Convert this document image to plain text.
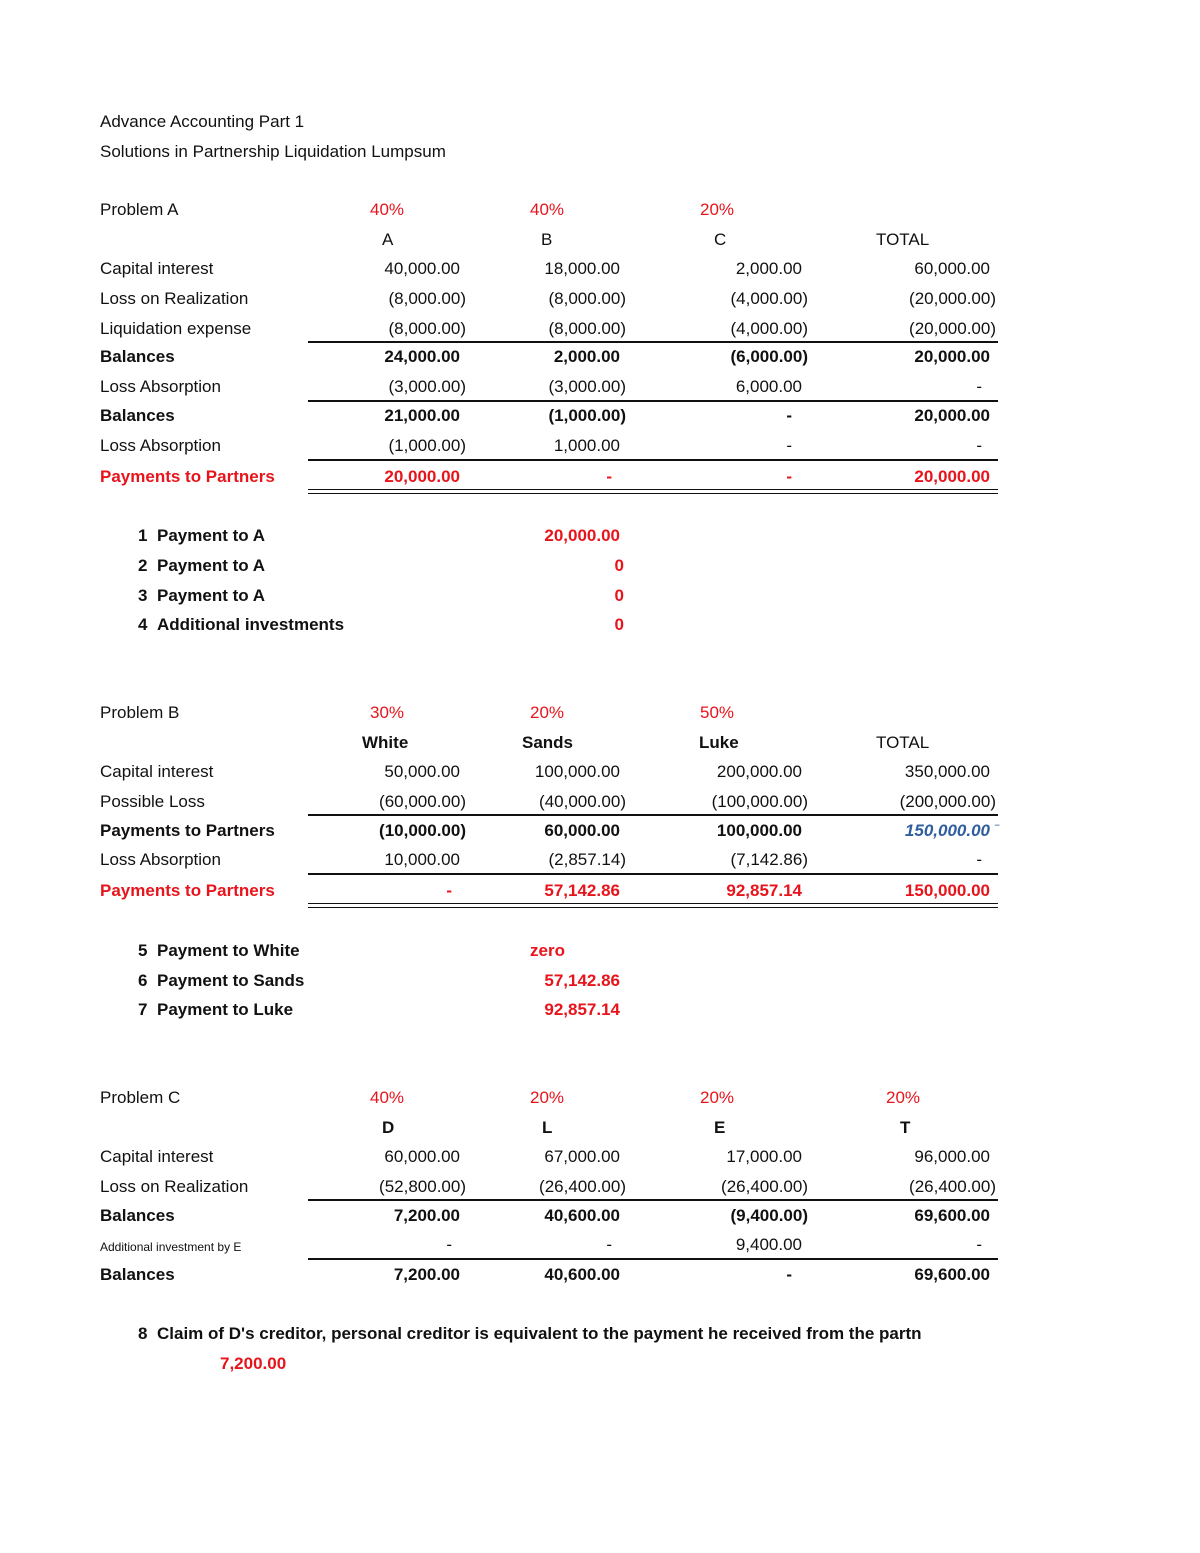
Advance Accounting Part 1
Solutions in Partnership Liquidation Lumpsum
Problem A	40%	40%	20%
A	B	C	TOTAL
Capital interest	40,000.00	18,000.00	2,000.00	60,000.00
Loss on Realization	(8,000.00)	(8,000.00)	(4,000.00)	(20,000.00)
Liquidation expense	(8,000.00)	(8,000.00)	(4,000.00)	(20,000.00)
Balances	24,000.00	2,000.00	(6,000.00)	20,000.00
Loss Absorption	(3,000.00)	(3,000.00)	6,000.00	-
Balances	21,000.00	(1,000.00)	-	20,000.00
Loss Absorption	(1,000.00)	1,000.00	-	-
Payments to Partners	20,000.00	-	-	20,000.00
1 Payment to A	20,000.00
2 Payment to A	0
3 Payment to A	0
4 Additional investments	0
Problem B	30%	20%	50%
White	Sands	Luke	TOTAL
Capital interest	50,000.00	100,000.00	200,000.00	350,000.00
Possible Loss	(60,000.00)	(40,000.00)	(100,000.00)	(200,000.00)
Payments to Partners	(10,000.00)	60,000.00	100,000.00	150,000.00 ⁻
Loss Absorption	10,000.00	(2,857.14)	(7,142.86)	-
Payments to Partners	-	57,142.86	92,857.14	150,000.00
5 Payment to White	zero
6 Payment to Sands	57,142.86
7 Payment to Luke	92,857.14
Problem C	40%	20%	20%	20%
D	L	E	T
Capital interest	60,000.00	67,000.00	17,000.00	96,000.00
Loss on Realization	(52,800.00)	(26,400.00)	(26,400.00)	(26,400.00)
Balances	7,200.00	40,600.00	(9,400.00)	69,600.00
Additional investment by E	-	-	9,400.00	-
Balances	7,200.00	40,600.00	-	69,600.00
8 Claim of D's creditor, personal creditor is equivalent to the payment he received from the partn
7,200.00
